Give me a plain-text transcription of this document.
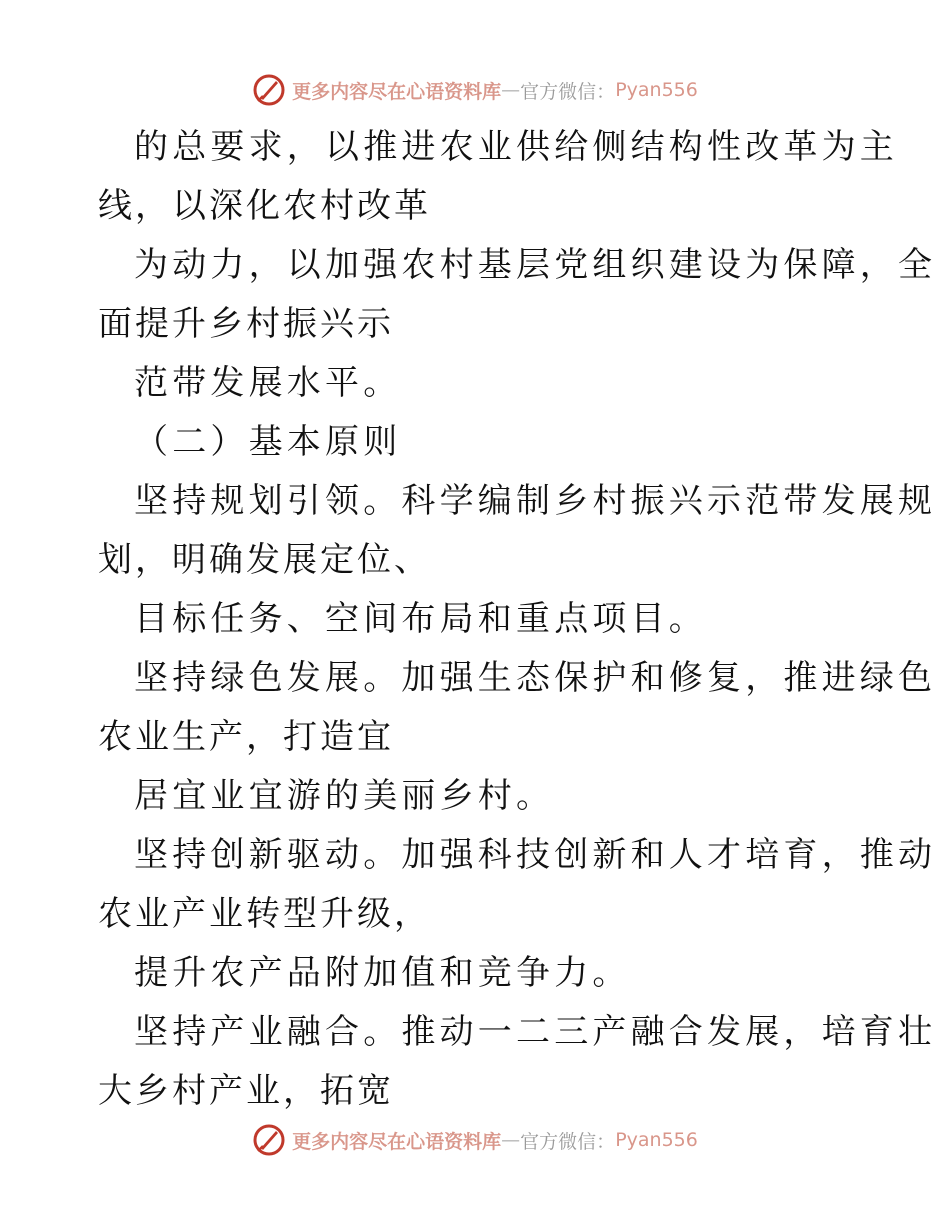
更多内容尽在心语资料库 — 官方微信： Pyan556
的总要求，以推进农业供给侧结构性改革为主
线，以深化农村改革
为动力，以加强农村基层党组织建设为保障，全
面提升乡村振兴示
范带发展水平。
（二）基本原则
坚持规划引领。科学编制乡村振兴示范带发展规
划，明确发展定位、
目标任务、空间布局和重点项目。
坚持绿色发展。加强生态保护和修复，推进绿色
农业生产，打造宜
居宜业宜游的美丽乡村。
坚持创新驱动。加强科技创新和人才培育，推动
农业产业转型升级，
提升农产品附加值和竞争力。
坚持产业融合。推动一二三产融合发展，培育壮
大乡村产业，拓宽
更多内容尽在心语资料库 — 官方微信： Pyan556
